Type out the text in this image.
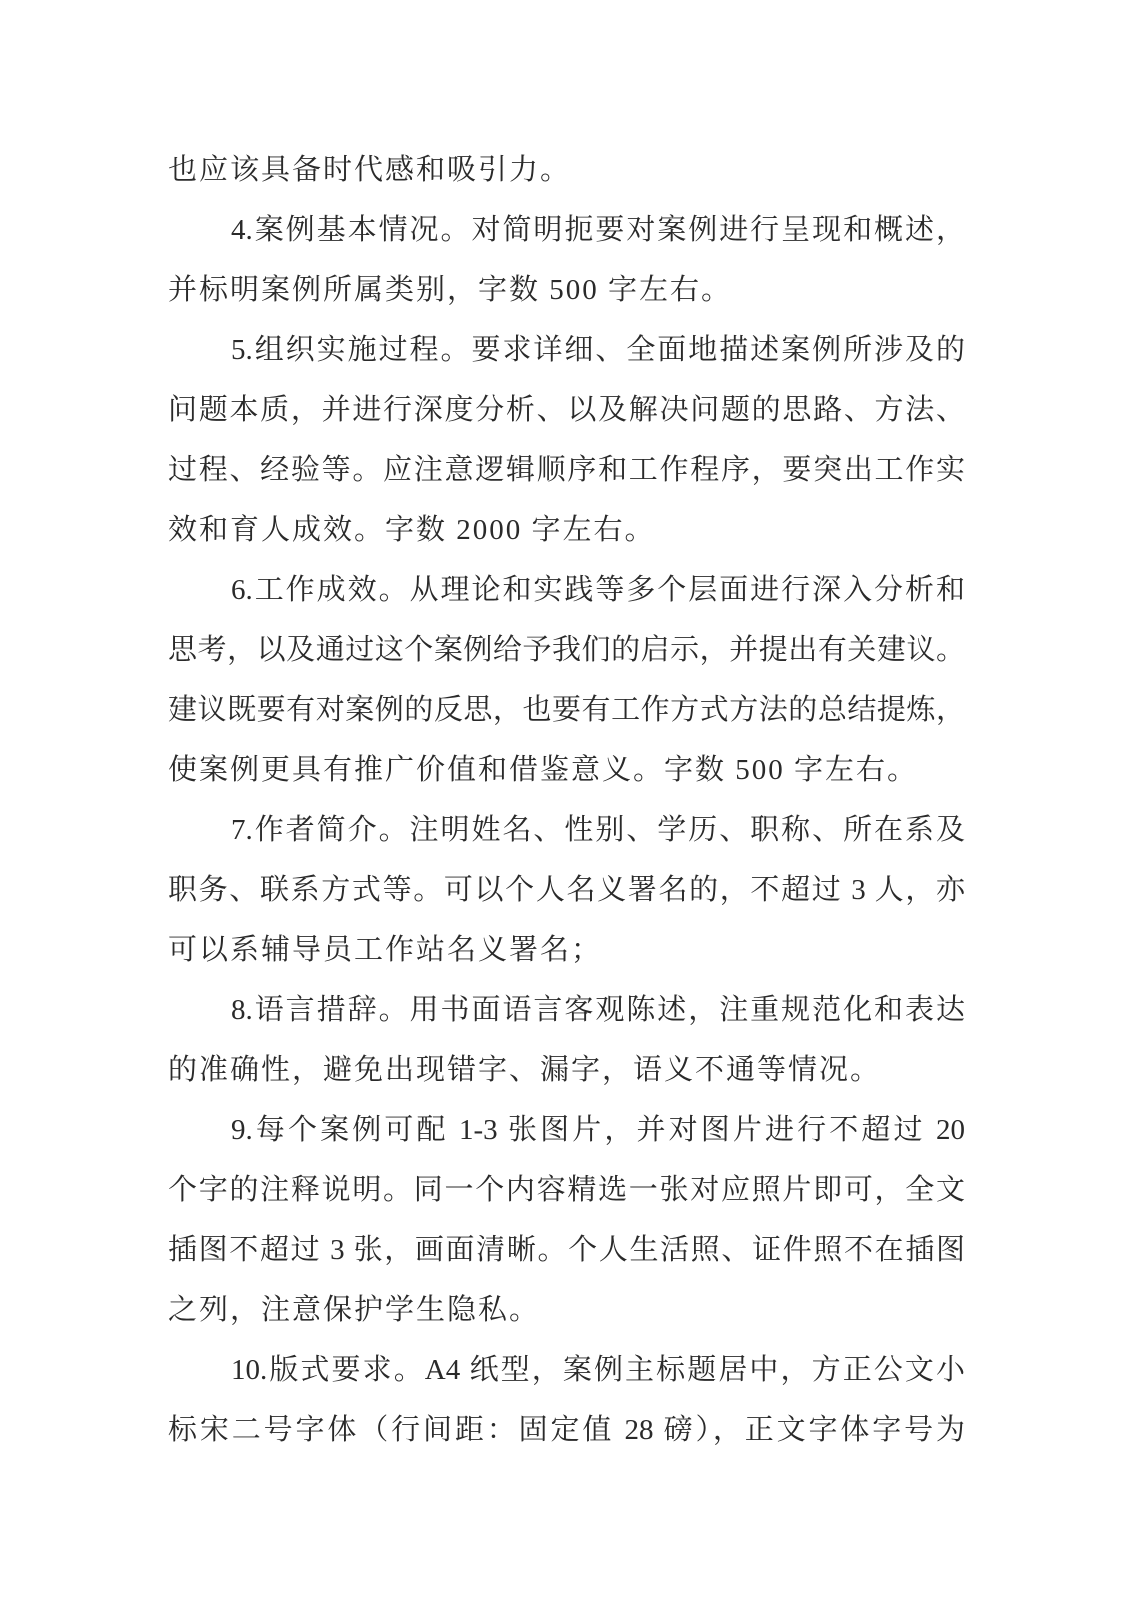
也应该具备时代感和吸引力。
4.案例基本情况。对简明扼要对案例进行呈现和概述，
并标明案例所属类别，字数 500 字左右。
5.组织实施过程。要求详细、全面地描述案例所涉及的
问题本质，并进行深度分析、以及解决问题的思路、方法、
过程、经验等。应注意逻辑顺序和工作程序，要突出工作实
效和育人成效。字数 2000 字左右。
6.工作成效。从理论和实践等多个层面进行深入分析和
思考，以及通过这个案例给予我们的启示，并提出有关建议。
建议既要有对案例的反思，也要有工作方式方法的总结提炼，
使案例更具有推广价值和借鉴意义。字数 500 字左右。
7.作者简介。注明姓名、性别、学历、职称、所在系及
职务、联系方式等。可以个人名义署名的，不超过 3 人，亦
可以系辅导员工作站名义署名；
8.语言措辞。用书面语言客观陈述，注重规范化和表达
的准确性，避免出现错字、漏字，语义不通等情况。
9.每个案例可配 1-3 张图片，并对图片进行不超过 20
个字的注释说明。同一个内容精选一张对应照片即可，全文
插图不超过 3 张，画面清晰。个人生活照、证件照不在插图
之列，注意保护学生隐私。
10.版式要求。A4 纸型，案例主标题居中，方正公文小
标宋二号字体（行间距：固定值 28 磅），正文字体字号为
